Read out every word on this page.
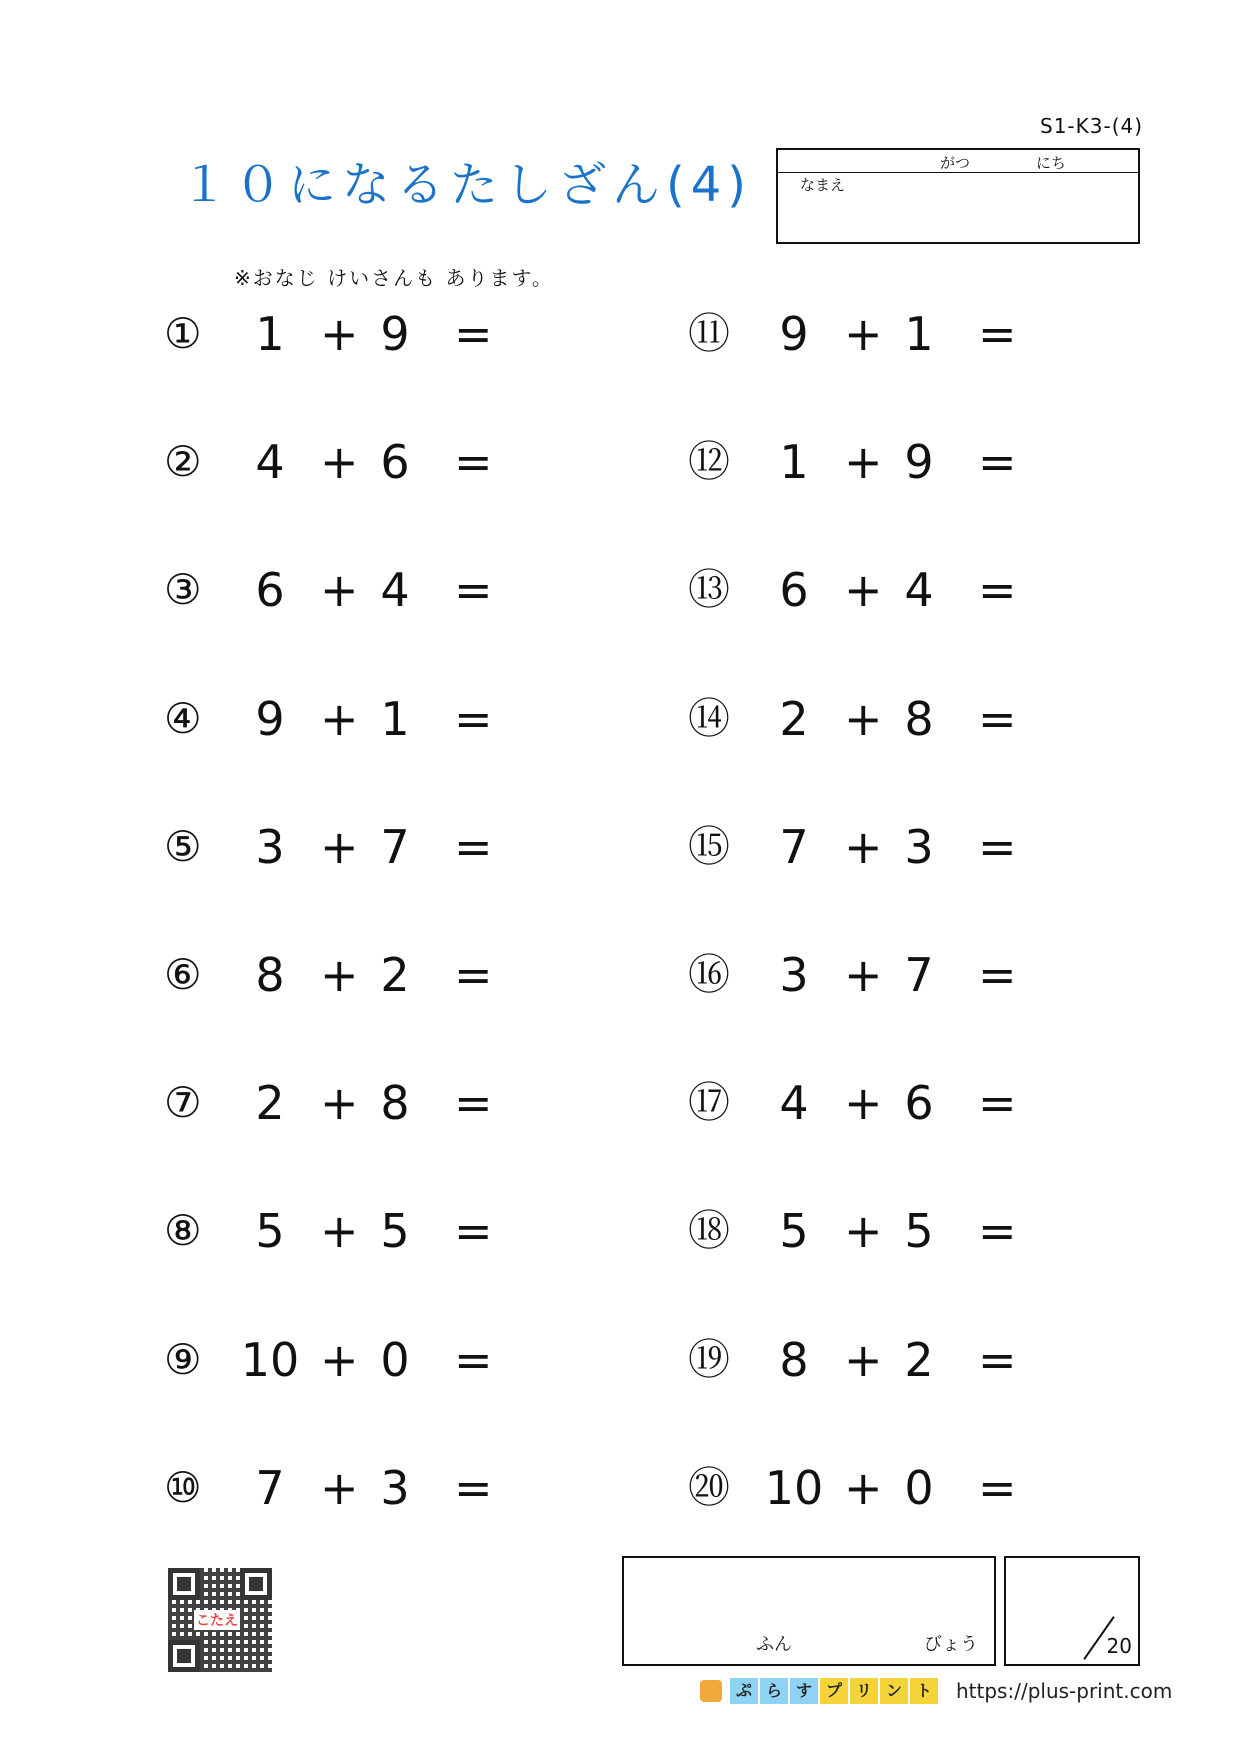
S1-K3-(4)
１０になるたしざん(4)	がつ	にち
なまえ
※おなじ けいさんも あります。
①	1 + 9 =
②	4 + 6 =
③	6 + 4 =
④	9 + 1 =
⑤	3 + 7 =
⑥	8 + 2 =
⑦	2 + 8 =
⑧	5 + 5 =
⑨ 10 + 0 =
⑩	7 + 3 =
⑪	9 + 1 =
⑫	1 + 9 =
⑬	6 + 4 =
⑭	2 + 8 =
⑮	7 + 3 =
⑯	3 + 7 =
⑰	4 + 6 =
⑱	5 + 5 =
⑲	8 + 2 =
⑳ 10 + 0 =
こたえ
ふん	びょう	20
ぷ ら す プ リ ン ト	https://plus-print.com
